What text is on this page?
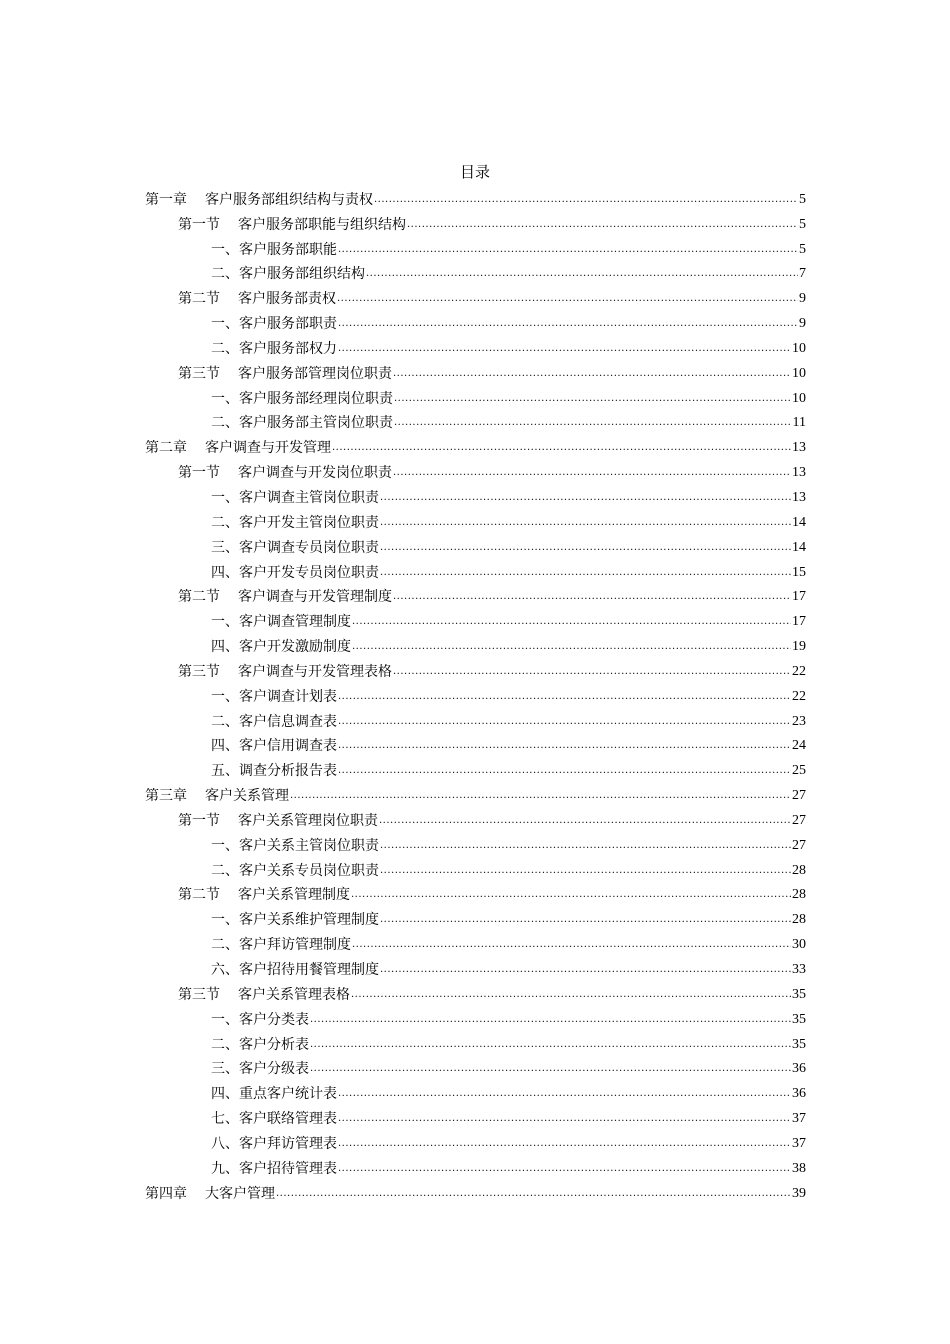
目录
第一章 客户服务部组织结构与责权 .....	5
第一节 客户服务部职能与组织结构 .....	5
一、客户服务部职能 .....	5
二、客户服务部组织结构 .....	7
第二节 客户服务部责权 .....	9
一、客户服务部职责 .....	9
二、客户服务部权力 .....	10
第三节 客户服务部管理岗位职责 .....	10
一、客户服务部经理岗位职责 .....	10
二、客户服务部主管岗位职责 .....	11
第二章 客户调查与开发管理 .....	13
第一节 客户调查与开发岗位职责 .....	13
一、客户调查主管岗位职责 .....	13
二、客户开发主管岗位职责 .....	14
三、客户调查专员岗位职责 .....	14
四、客户开发专员岗位职责 .....	15
第二节 客户调查与开发管理制度 .....	17
一、客户调查管理制度 .....	17
四、客户开发激励制度 .....	19
第三节 客户调查与开发管理表格 .....	22
一、客户调查计划表 .....	22
二、客户信息调查表 .....	23
四、客户信用调查表 .....	24
五、调查分析报告表 .....	25
第三章 客户关系管理 .....	27
第一节 客户关系管理岗位职责 .....	27
一、客户关系主管岗位职责 .....	27
二、客户关系专员岗位职责 .....	28
第二节 客户关系管理制度 .....	28
一、客户关系维护管理制度 .....	28
二、客户拜访管理制度 .....	30
六、客户招待用餐管理制度 .....	33
第三节 客户关系管理表格 .....	35
一、客户分类表 .....	35
二、客户分析表 .....	35
三、客户分级表 .....	36
四、重点客户统计表 .....	36
七、客户联络管理表 .....	37
八、客户拜访管理表 .....	37
九、客户招待管理表 .....	38
第四章 大客户管理 .....	39
